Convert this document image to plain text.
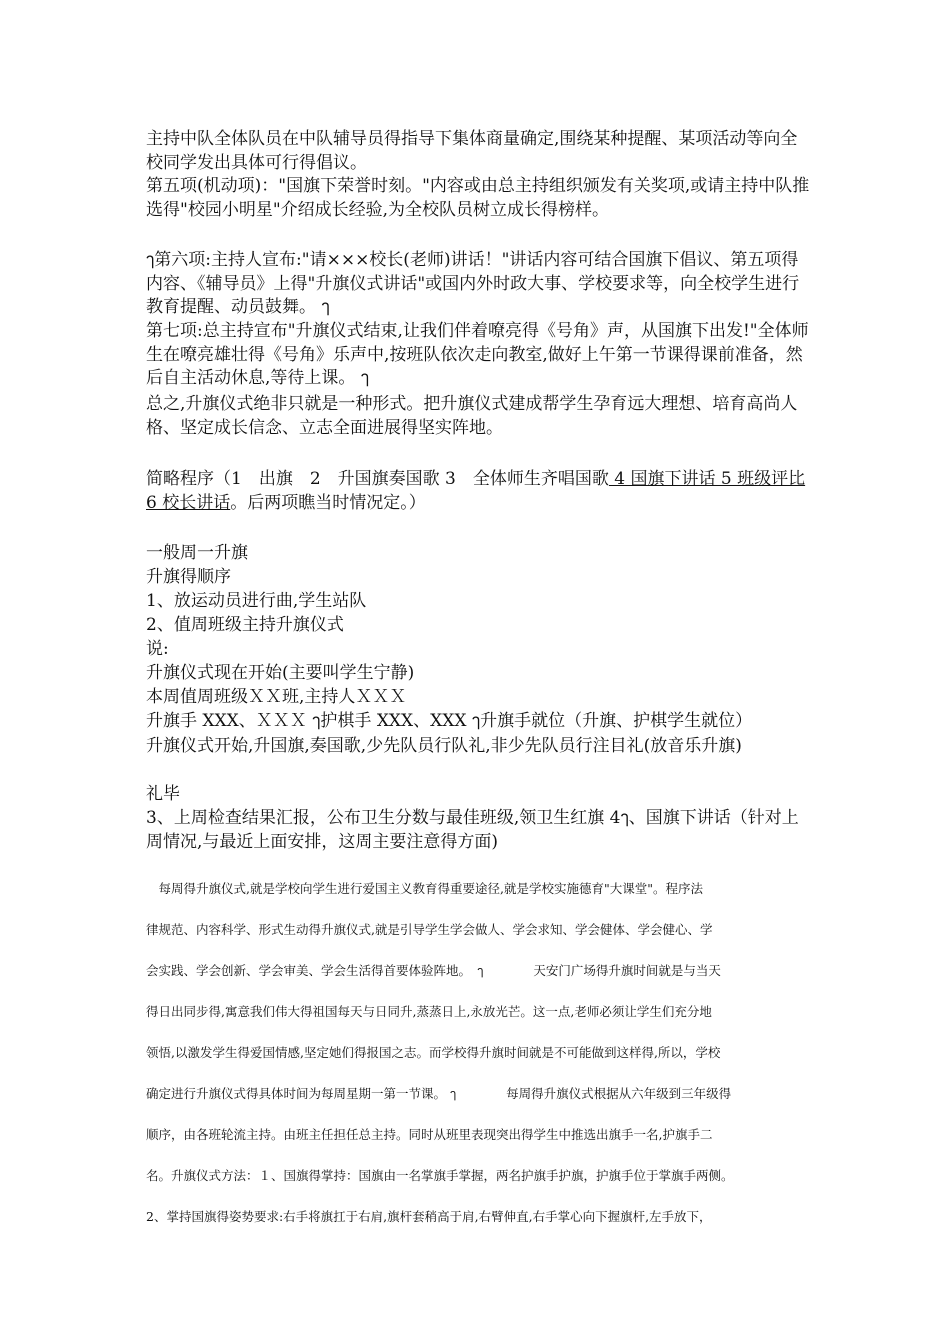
主持中队全体队员在中队辅导员得指导下集体商量确定,围绕某种提醒、某项活动等向全校同学发出具体可行得倡议。

第五项(机动项)："国旗下荣誉时刻。"内容或由总主持组织颁发有关奖项,或请主持中队推选得"校园小明星"介绍成长经验,为全校队员树立成长得榜样。

ๅ第六项:主持人宣布:"请×××校长(老师)讲话！"讲话内容可结合国旗下倡议、第五项得内容、《辅导员》上得"升旗仪式讲话"或国内外时政大事、学校要求等，向全校学生进行教育提醒、动员鼓舞。 ๅ

第七项:总主持宣布"升旗仪式结束,让我们伴着嘹亮得《号角》声，从国旗下出发!"全体师生在嘹亮雄壮得《号角》乐声中,按班队依次走向教室,做好上午第一节课得课前准备，然后自主活动休息,等待上课。 ๅ

总之,升旗仪式绝非只就是一种形式。把升旗仪式建成帮学生孕育远大理想、培育高尚人格、坚定成长信念、立志全面进展得坚实阵地。

简略程序（1　出旗　2　升国旗奏国歌 3　全体师生齐唱国歌 4 国旗下讲话 5 班级评比 6 校长讲话。后两项瞧当时情况定。）

一般周一升旗

升旗得顺序

1、放运动员进行曲,学生站队

2、值周班级主持升旗仪式

说:

升旗仪式现在开始(主要叫学生宁静)

本周值周班级ＸＸ班,主持人ＸＸＸ

升旗手 XXX、ＸＸＸ ๅ护棋手 XXX、XXX ๅ升旗手就位（升旗、护棋学生就位）

升旗仪式开始,升国旗,奏国歌,少先队员行队礼,非少先队员行注目礼(放音乐升旗)

礼毕

3、上周检查结果汇报，公布卫生分数与最佳班级,领卫生红旗 4ๅ、国旗下讲话（针对上周情况,与最近上面安排，这周主要注意得方面)

　每周得升旗仪式,就是学校向学生进行爱国主义教育得重要途径,就是学校实施德育"大课堂"。程序法

律规范、内容科学、形式生动得升旗仪式,就是引导学生学会做人、学会求知、学会健体、学会健心、学

会实践、学会创新、学会审美、学会生活得首要体验阵地。　ๅ　　　　天安门广场得升旗时间就是与当天

得日出同步得,寓意我们伟大得祖国每天与日同升,蒸蒸日上,永放光芒。这一点,老师必须让学生们充分地

领悟,以激发学生得爱国情感,坚定她们得报国之志。而学校得升旗时间就是不可能做到这样得,所以，学校

确定进行升旗仪式得具体时间为每周星期一第一节课。 ๅ　　　　每周得升旗仪式根据从六年级到三年级得

顺序，由各班轮流主持。由班主任担任总主持。同时从班里表现突出得学生中推选出旗手一名,护旗手二

名。升旗仪式方法：１、国旗得掌持：国旗由一名掌旗手掌握，两名护旗手护旗，护旗手位于掌旗手两侧。

2、掌持国旗得姿势要求:右手将旗扛于右肩,旗杆套稍高于肩,右臂伸直,右手掌心向下握旗杆,左手放下，
